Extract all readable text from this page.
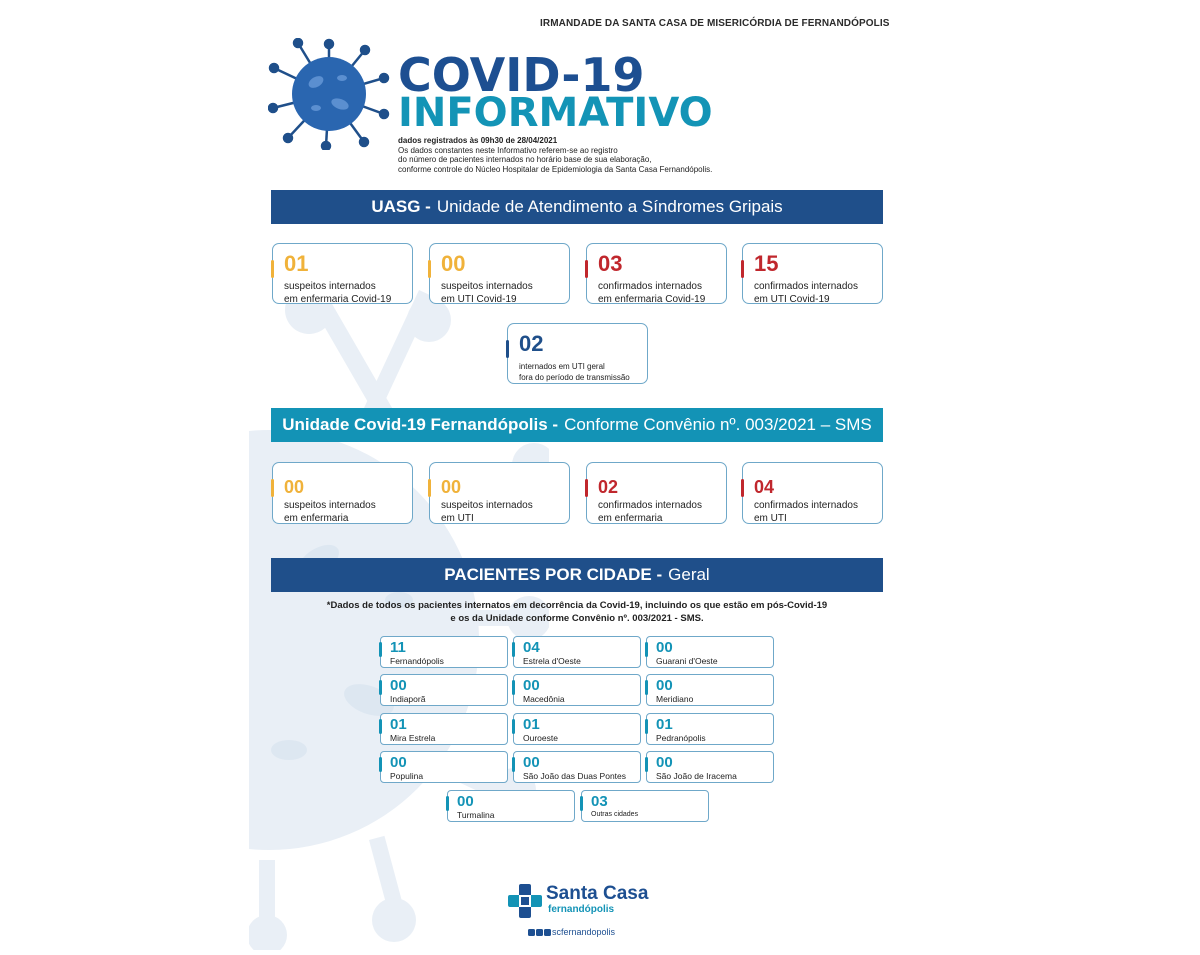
IRMANDADE DA SANTA CASA DE MISERICÓRDIA DE FERNANDÓPOLIS
COVID-19
INFORMATIVO
dados registrados às 09h30 de 28/04/2021
Os dados constantes neste Informativo referem-se ao registro
do número de pacientes internados no horário base de sua elaboração,
conforme controle do Núcleo Hospitalar de Epidemiologia da Santa Casa Fernandópolis.
UASG - Unidade de Atendimento a Síndromes Gripais
01
suspeitos internados
em enfermaria Covid-19
00
suspeitos internados
em UTI Covid-19
03
confirmados internados
em enfermaria Covid-19
15
confirmados internados
em UTI Covid-19
02
internados em UTI geral
fora do período de transmissão
Unidade Covid-19 Fernandópolis - Conforme Convênio nº. 003/2021 – SMS
00
suspeitos internados
em enfermaria
00
suspeitos internados
em UTI
02
confirmados internados
em enfermaria
04
confirmados internados
em UTI
PACIENTES POR CIDADE - Geral
*Dados de todos os pacientes internatos em decorrência da Covid-19, incluindo os que estão em pós-Covid-19
e os da Unidade conforme Convênio nº. 003/2021 - SMS.
11
Fernandópolis
04
Estrela d'Oeste
00
Guarani d'Oeste
00
Indiaporã
00
Macedônia
00
Meridiano
01
Mira Estrela
01
Ouroeste
01
Pedranópolis
00
Populina
00
São João das Duas Pontes
00
São João de Iracema
00
Turmalina
03
Outras cidades
Santa Casa
fernandópolis
scfernandopolis
